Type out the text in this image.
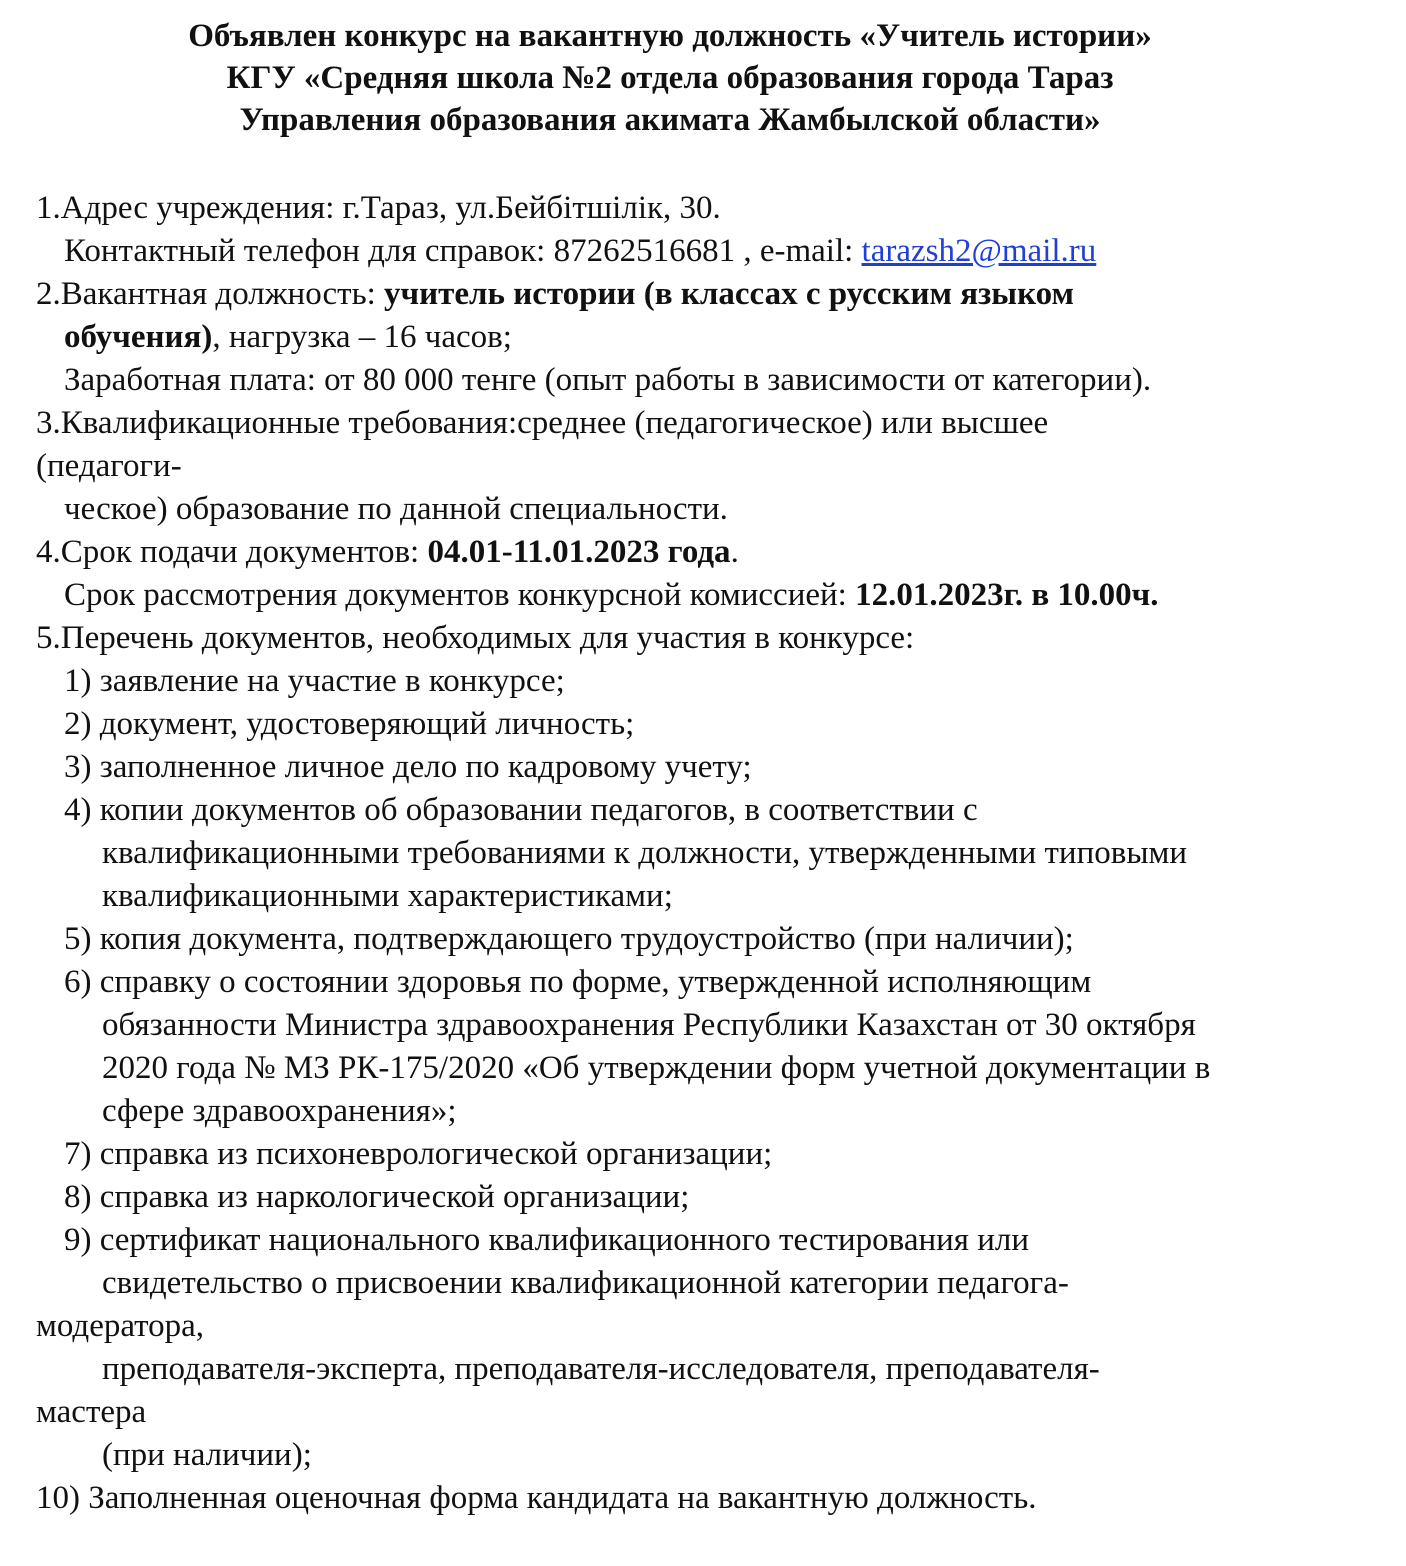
Объявлен конкурс на вакантную должность «Учитель истории»
КГУ «Средняя школа №2 отдела образования города Тараз
Управления образования акимата Жамбылской области»
1.Адрес учреждения: г.Тараз, ул.Бейбітшілік, 30.
Контактный телефон для справок: 87262516681 , e-mail: tarazsh2@mail.ru
2.Вакантная должность: учитель истории (в классах с русским языком
обучения), нагрузка – 16 часов;
Заработная плата: от 80 000 тенге (опыт работы в зависимости от категории).
3.Квалификационные требования:среднее (педагогическое) или высшее
(педагоги-
ческое) образование по данной специальности.
4.Срок подачи документов: 04.01-11.01.2023 года.
Срок рассмотрения документов конкурсной комиссией: 12.01.2023г. в 10.00ч.
5.Перечень документов, необходимых для участия в конкурсе:
1) заявление на участие в конкурсе;
2) документ, удостоверяющий личность;
3) заполненное личное дело по кадровому учету;
4) копии документов об образовании педагогов, в соответствии с
квалификационными требованиями к должности, утвержденными типовыми
квалификационными характеристиками;
5) копия документа, подтверждающего трудоустройство (при наличии);
6) справку о состоянии здоровья по форме, утвержденной исполняющим
обязанности Министра здравоохранения Республики Казахстан от 30 октября
2020 года № МЗ РК-175/2020 «Об утверждении форм учетной документации в
сфере здравоохранения»;
7) справка из психоневрологической организации;
8) справка из наркологической организации;
9) сертификат национального квалификационного тестирования или
свидетельство о присвоении квалификационной категории педагога-
модератора,
преподавателя-эксперта, преподавателя-исследователя, преподавателя-
мастера
(при наличии);
10) Заполненная оценочная форма кандидата на вакантную должность.
